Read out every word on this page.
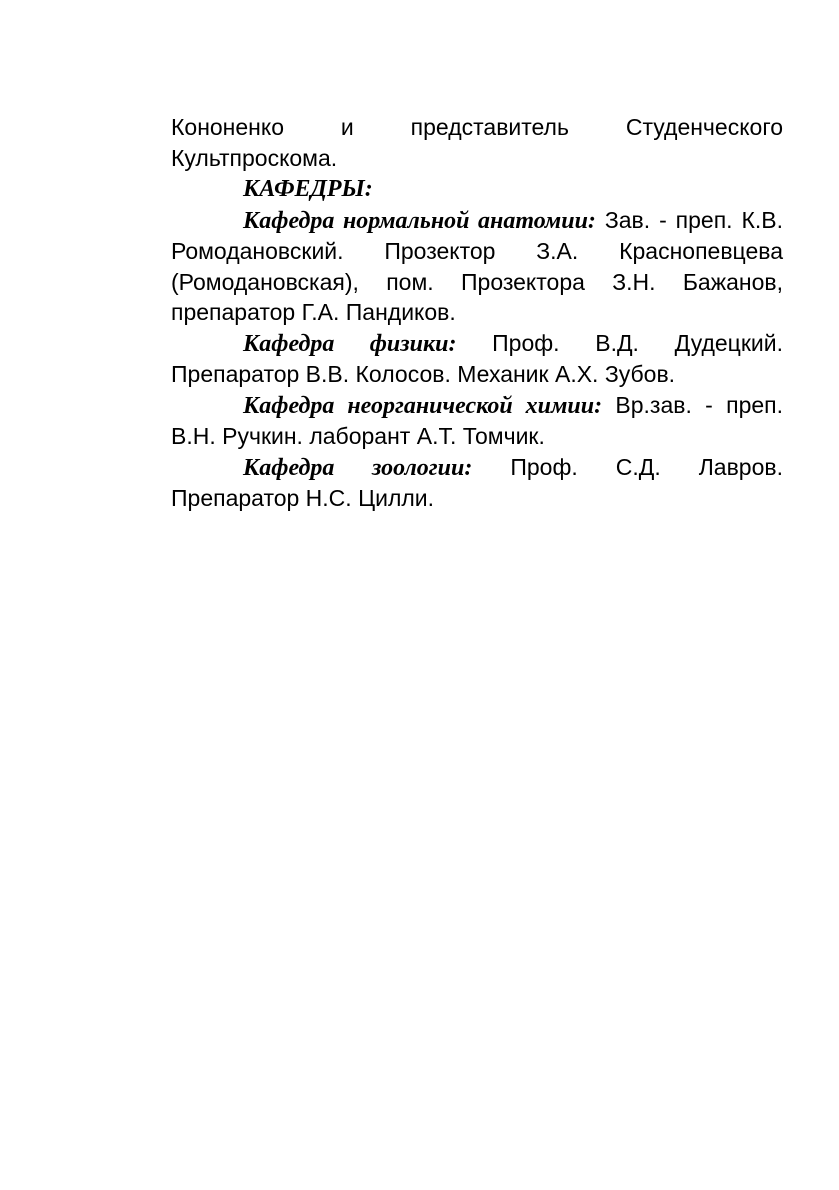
Кононенко и представитель Студенческого Культпроскома.

КАФЕДРЫ:

Кафедра нормальной анатомии: Зав. - преп. К.В. Ромодановский. Прозектор З.А. Краснопевцева (Ромодановская), пом. Прозектора З.Н. Бажанов, препаратор Г.А. Пандиков.

Кафедра физики: Проф. В.Д. Дудецкий. Препаратор В.В. Колосов. Механик А.Х. Зубов.

Кафедра неорганической химии: Вр.зав. - преп. В.Н. Ручкин. лаборант А.Т. Томчик.

Кафедра зоологии: Проф. С.Д. Лавров. Препаратор Н.С. Цилли.
